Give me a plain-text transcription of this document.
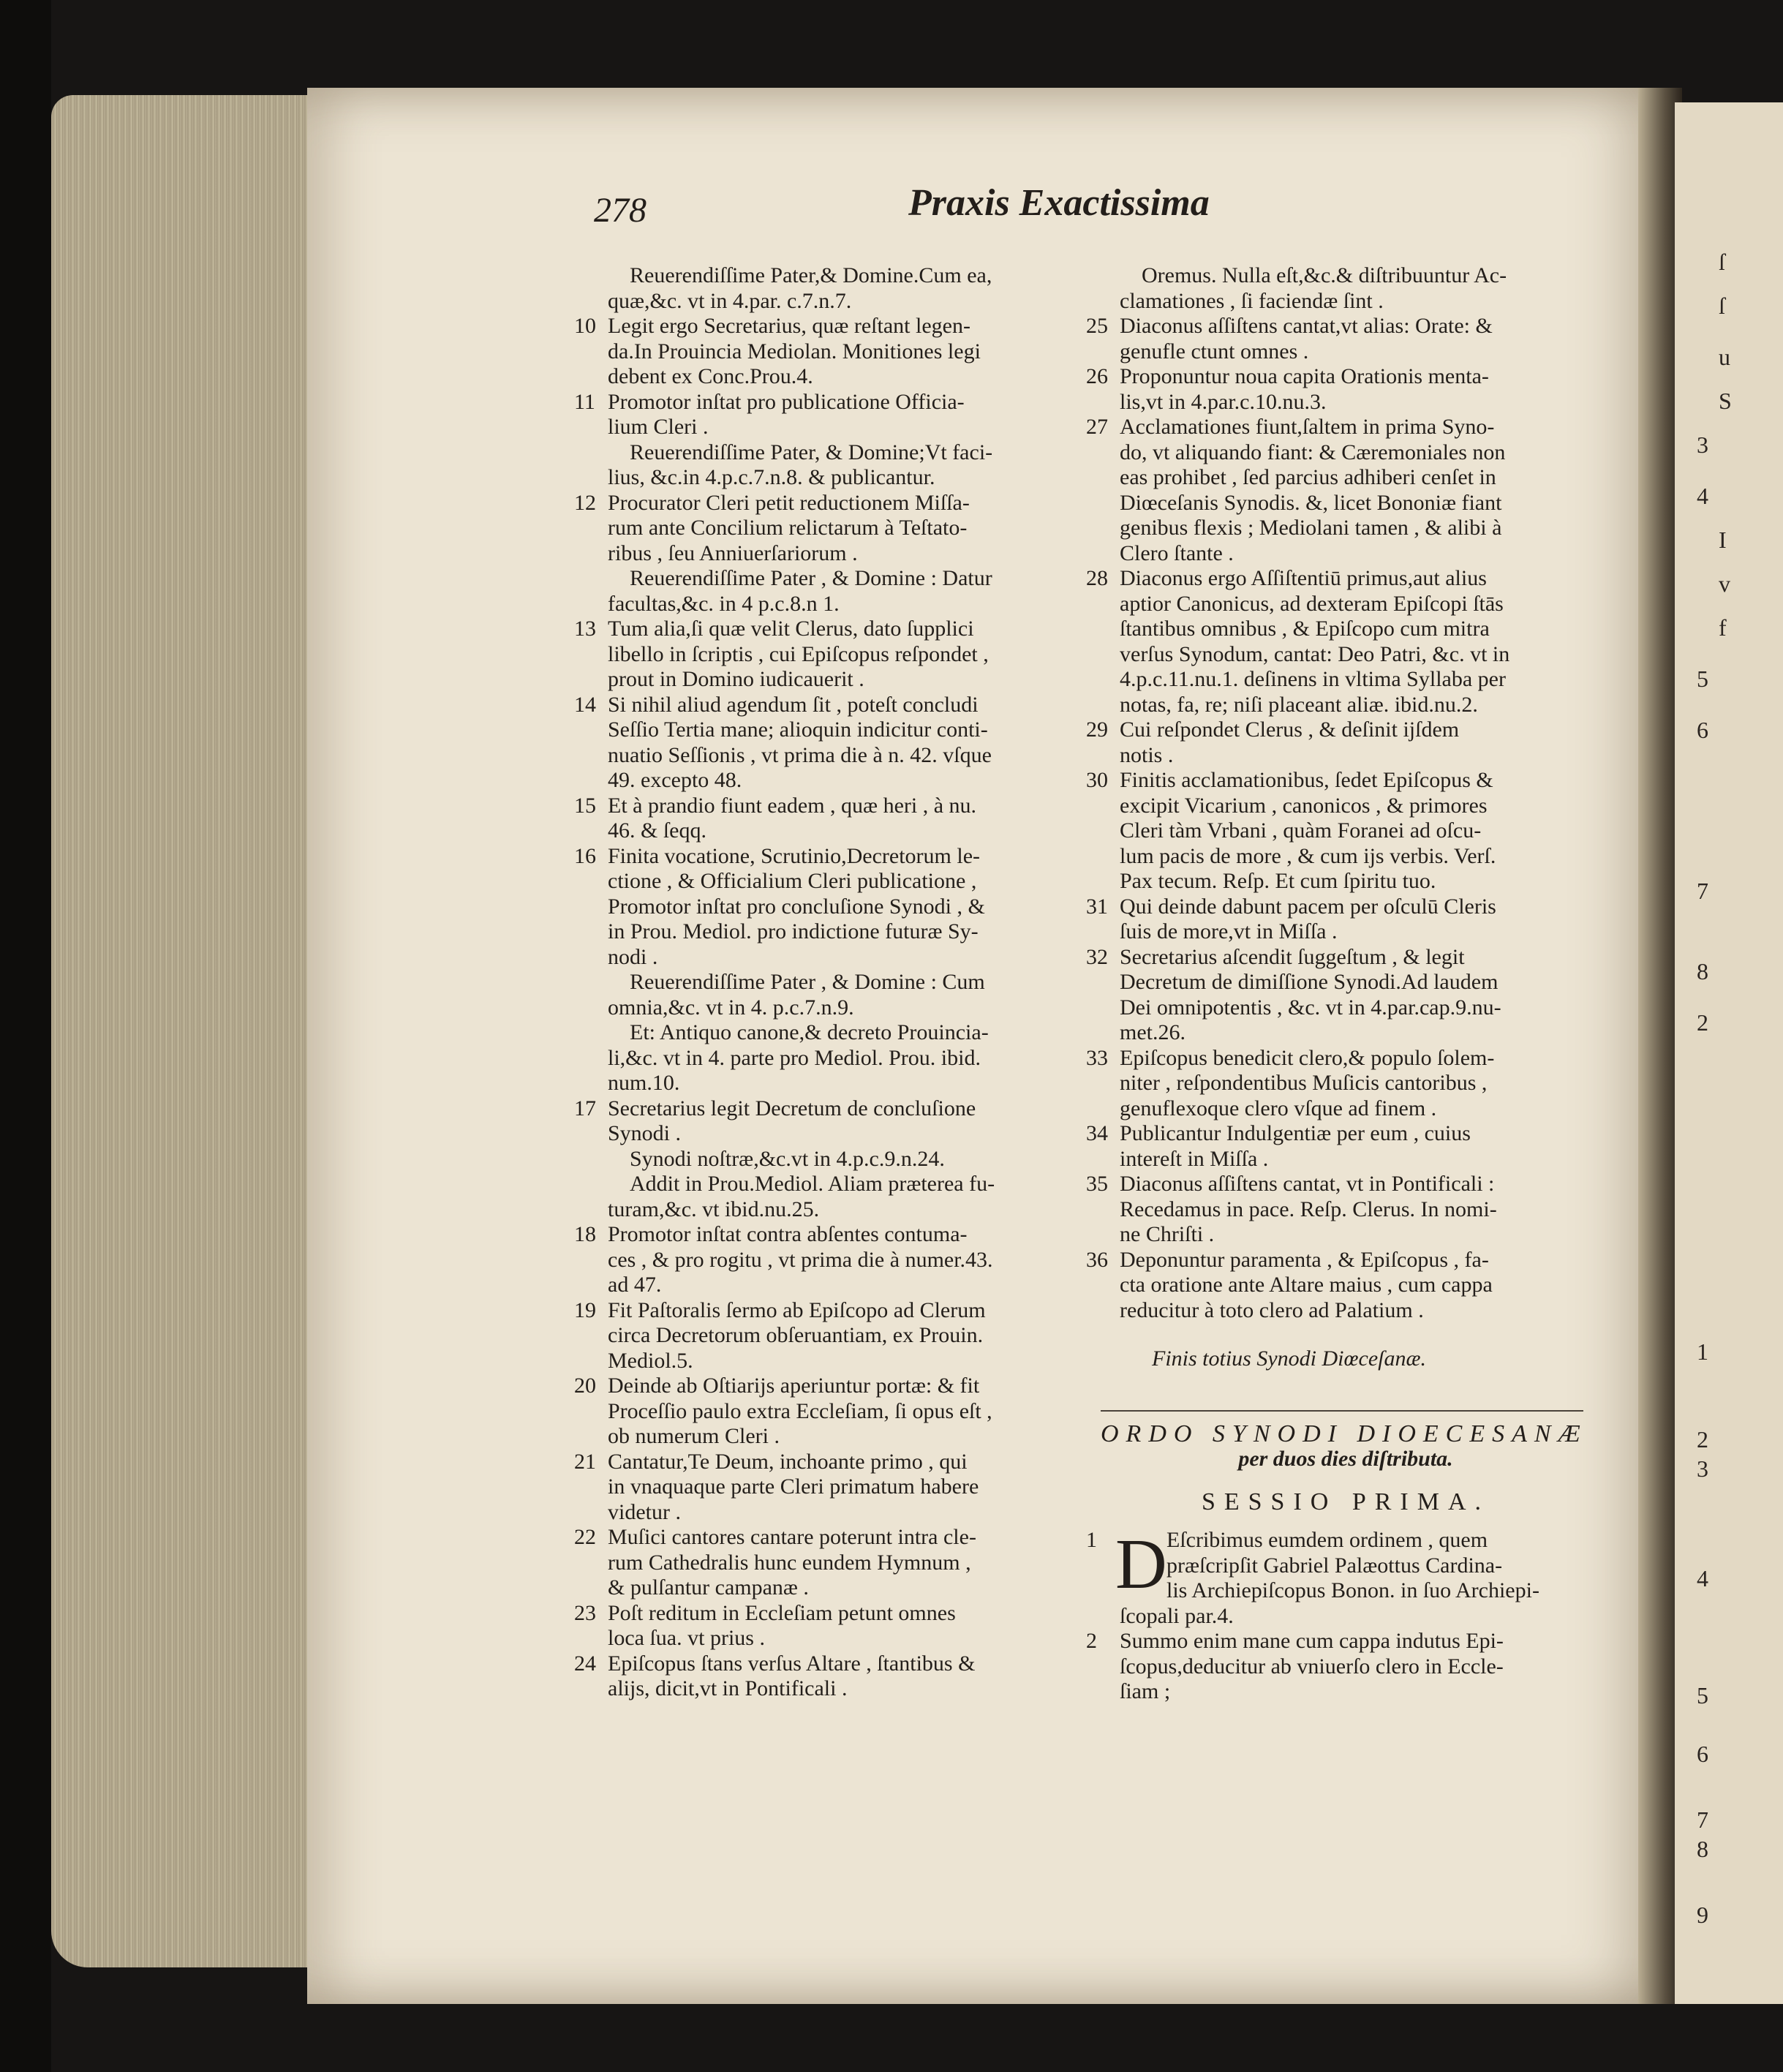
ſ
ſ
u
S
3
4
I
v
f
5
6
7
8
2
1
2
3
4
5
6
7
8
9
278	Praxis Exactissima
Reuerendiſſime Pater,& Domine.Cum ea,
quæ,&c. vt in 4.par. c.7.n.7.
10 Legit ergo Secretarius, quæ reſtant legen-
da.In Prouincia Mediolan. Monitiones legi
debent ex Conc.Prou.4.
11 Promotor inſtat pro publicatione Officia-
lium Cleri .
Reuerendiſſime Pater, & Domine;Vt faci-
lius, &c.in 4.p.c.7.n.8. & publicantur.
12 Procurator Cleri petit reductionem Miſſa-
rum ante Concilium relictarum à Teſtato-
ribus , ſeu Anniuerſariorum .
Reuerendiſſime Pater , & Domine : Datur
facultas,&c. in 4 p.c.8.n 1.
13 Tum alia,ſi quæ velit Clerus, dato ſupplici
libello in ſcriptis , cui Epiſcopus reſpondet ,
prout in Domino iudicauerit .
14 Si nihil aliud agendum ſit , poteſt concludi
Seſſio Tertia mane; alioquin indicitur conti-
nuatio Seſſionis , vt prima die à n. 42. vſque
49. excepto 48.
15 Et à prandio fiunt eadem , quæ heri , à nu.
46. & ſeqq.
16 Finita vocatione, Scrutinio,Decretorum le-
ctione , & Officialium Cleri publicatione ,
Promotor inſtat pro concluſione Synodi , &
in Prou. Mediol. pro indictione futuræ Sy-
nodi .
Reuerendiſſime Pater , & Domine : Cum
omnia,&c. vt in 4. p.c.7.n.9.
Et: Antiquo canone,& decreto Prouincia-
li,&c. vt in 4. parte pro Mediol. Prou. ibid.
num.10.
17 Secretarius legit Decretum de concluſione
Synodi .
Synodi noſtræ,&c.vt in 4.p.c.9.n.24.
Addit in Prou.Mediol. Aliam præterea fu-
turam,&c. vt ibid.nu.25.
18 Promotor inſtat contra abſentes contuma-
ces , & pro rogitu , vt prima die à numer.43.
ad 47.
19 Fit Paſtoralis ſermo ab Epiſcopo ad Clerum
circa Decretorum obſeruantiam, ex Prouin.
Mediol.5.
20 Deinde ab Oſtiarijs aperiuntur portæ: & fit
Proceſſio paulo extra Eccleſiam, ſi opus eſt ,
ob numerum Cleri .
21 Cantatur,Te Deum, inchoante primo , qui
in vnaquaque parte Cleri primatum habere
videtur .
22 Muſici cantores cantare poterunt intra cle-
rum Cathedralis hunc eundem Hymnum ,
& pulſantur campanæ .
23 Poſt reditum in Eccleſiam petunt omnes
loca ſua. vt prius .
24 Epiſcopus ſtans verſus Altare , ſtantibus &
alijs, dicit,vt in Pontificali .
Oremus. Nulla eſt,&c.& diſtribuuntur Ac-
clamationes , ſi faciendæ ſint .
25 Diaconus aſſiſtens cantat,vt alias: Orate: &
genufle ctunt omnes .
26 Proponuntur noua capita Orationis menta-
lis,vt in 4.par.c.10.nu.3.
27 Acclamationes fiunt,ſaltem in prima Syno-
do, vt aliquando fiant: & Cæremoniales non
eas prohibet , ſed parcius adhiberi cenſet in
Diœceſanis Synodis. &, licet Bononiæ fiant
genibus flexis ; Mediolani tamen , & alibi à
Clero ſtante .
28 Diaconus ergo Aſſiſtentiū primus,aut alius
aptior Canonicus, ad dexteram Epiſcopi ſtās
ſtantibus omnibus , & Epiſcopo cum mitra
verſus Synodum, cantat: Deo Patri, &c. vt in
4.p.c.11.nu.1. deſinens in vltima Syllaba per
notas, fa, re; niſi placeant aliæ. ibid.nu.2.
29 Cui reſpondet Clerus , & deſinit ijſdem
notis .
30 Finitis acclamationibus, ſedet Epiſcopus &
excipit Vicarium , canonicos , & primores
Cleri tàm Vrbani , quàm Foranei ad oſcu-
lum pacis de more , & cum ijs verbis. Verſ.
Pax tecum. Reſp. Et cum ſpiritu tuo.
31 Qui deinde dabunt pacem per oſculū Cleris
ſuis de more,vt in Miſſa .
32 Secretarius aſcendit ſuggeſtum , & legit
Decretum de dimiſſione Synodi.Ad laudem
Dei omnipotentis , &c. vt in 4.par.cap.9.nu-
met.26.
33 Epiſcopus benedicit clero,& populo ſolem-
niter , reſpondentibus Muſicis cantoribus ,
genuflexoque clero vſque ad finem .
34 Publicantur Indulgentiæ per eum , cuius
intereſt in Miſſa .
35 Diaconus aſſiſtens cantat, vt in Pontificali :
Recedamus in pace. Reſp. Clerus. In nomi-
ne Chriſti .
36 Deponuntur paramenta , & Epiſcopus , fa-
cta oratione ante Altare maius , cum cappa
reducitur à toto clero ad Palatium .
Finis totius Synodi Diœceſanæ.
ORDO SYNODI DIOECESANÆ
per duos dies diſtributa.
SESSIO PRIMA.
1 D Eſcribimus eumdem ordinem , quem
præſcripſit Gabriel Palæottus Cardina-
lis Archiepiſcopus Bonon. in ſuo Archiepi-
ſcopali par.4.
2 Summo enim mane cum cappa indutus Epi-
ſcopus,deducitur ab vniuerſo clero in Eccle-
ſiam ;
